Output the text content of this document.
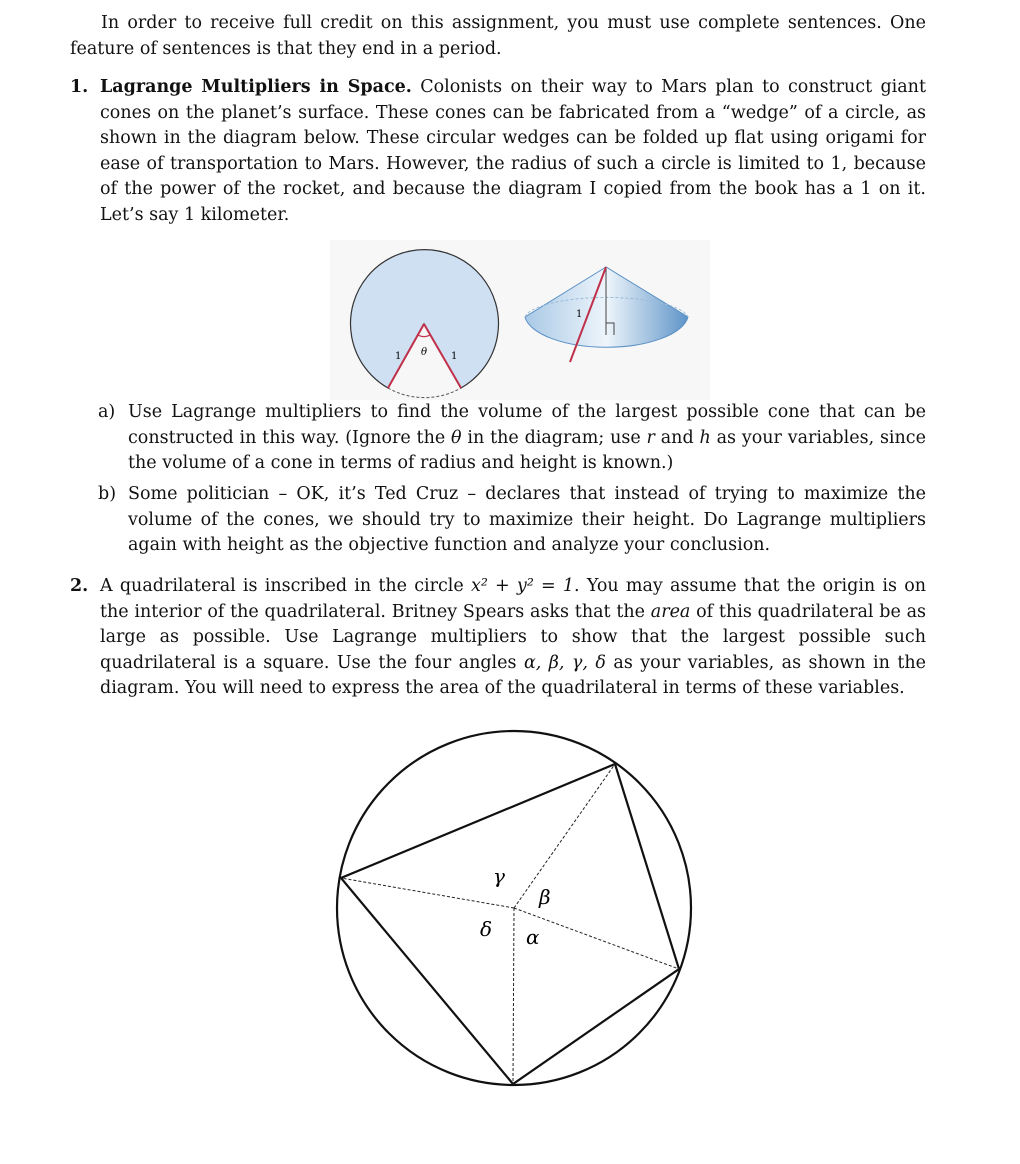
In order to receive full credit on this assignment, you must use complete sentences. One feature of sentences is that they end in a period.

1. Lagrange Multipliers in Space. Colonists on their way to Mars plan to construct giant cones on the planet’s surface. These cones can be fabricated from a “wedge” of a circle, as shown in the diagram below. These circular wedges can be folded up flat using origami for ease of transportation to Mars. However, the radius of such a circle is limited to 1, because of the power of the rocket, and because the diagram I copied from the book has a 1 on it. Let’s say 1 kilometer.
θ
1	1
1
a) Use Lagrange multipliers to find the volume of the largest possible cone that can be constructed in this way. (Ignore the θ in the diagram; use r and h as your variables, since the volume of a cone in terms of radius and height is known.)
b) Some politician – OK, it’s Ted Cruz – declares that instead of trying to maximize the volume of the cones, we should try to maximize their height. Do Lagrange multipliers again with height as the objective function and analyze your conclusion.
2. A quadrilateral is inscribed in the circle x² + y² = 1. You may assume that the origin is on the interior of the quadrilateral. Britney Spears asks that the area of this quadrilateral be as large as possible. Use Lagrange multipliers to show that the largest possible such quadrilateral is a square. Use the four angles α, β, γ, δ as your variables, as shown in the diagram. You will need to express the area of the quadrilateral in terms of these variables.
γ
β
δ α
